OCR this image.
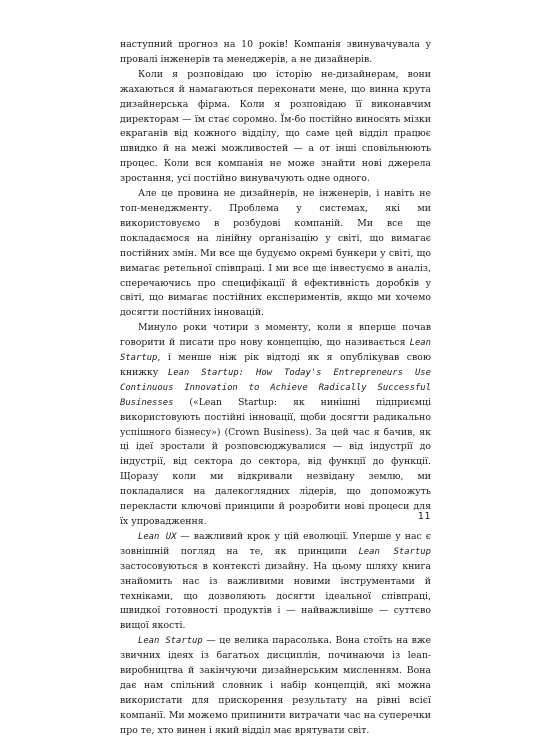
наступний прогноз на 10 років! Компанія звинувачувала у провалі інженерів та менеджерів, а не дизайнерів.

Коли я розповідаю цю історію не-дизайнерам, вони жахаються й намагаються переконати мене, що винна крута дизайнерська фірма. Коли я розповідаю її виконавчим директорам — їм стає соромно. Їм-бо постійно виносять мізки екраганів від кожного відділу, що саме цей відділ працює швидко й на межі можливостей — а от інші сповільнюють процес. Коли вся компанія не може знайти нові джерела зростання, усі постійно винувачують одне одного.

Але це провина не дизайнерів, не інженерів, і навіть не топ-менеджменту. Проблема у системах, які ми використовуємо в розбудові компаній. Ми все ще покладаємося на лінійну організацію у світі, що вимагає постійних змін. Ми все ще будуємо окремі бункери у світі, що вимагає ретельної співпраці. І ми все ще інвестуємо в аналіз, сперечаючись про специфікації й ефективність доробків у світі, що вимагає постійних експериментів, якщо ми хочемо досягти постійних інновацій.

Минуло роки чотири з моменту, коли я вперше почав говорити й писати про нову концепцію, що називається Lean Startup, і менше ніж рік відтоді як я опублікував свою книжку Lean Startup: How Today's Entrepreneurs Use Continuous Innovation to Achieve Radically Successful Businesses («Lean Startup: як нинішні підприємці використовують постійні інновації, щоби досягти радикально успішного бізнесу») (Crown Business). За цей час я бачив, як ці ідеї зростали й розповсюджувалися — від індустрії до індустрії, від сектора до сектора, від функції до функції. Щоразу коли ми відкривали незвідану землю, ми покладалися на далекоглядних лідерів, що допоможуть перекласти ключові принципи й розробити нові процеси для їх упровадження.

Lean UX — важливий крок у цій еволюції. Уперше у нас є зовнішній погляд на те, як принципи Lean Startup застосовуються в контексті дизайну. На цьому шляху книга знайомить нас із важливими новими інструментами й техніками, що дозволяють досягти ідеальної співпраці, швидкої готовності продуктів і — найважливіше — суттєво вищої якості.

Lean Startup — це велика парасолька. Вона стоїть на вже звичних ідеях із багатьох дисциплін, починаючи із lean-виробництва й закінчуючи дизайнерським мисленням. Вона дає нам спільний словник і набір концепцій, які можна використати для прискорення результату на рівні всієї компанії. Ми можемо припинити витрачати час на суперечки про те, хто винен і який відділ має врятувати світ.

11
